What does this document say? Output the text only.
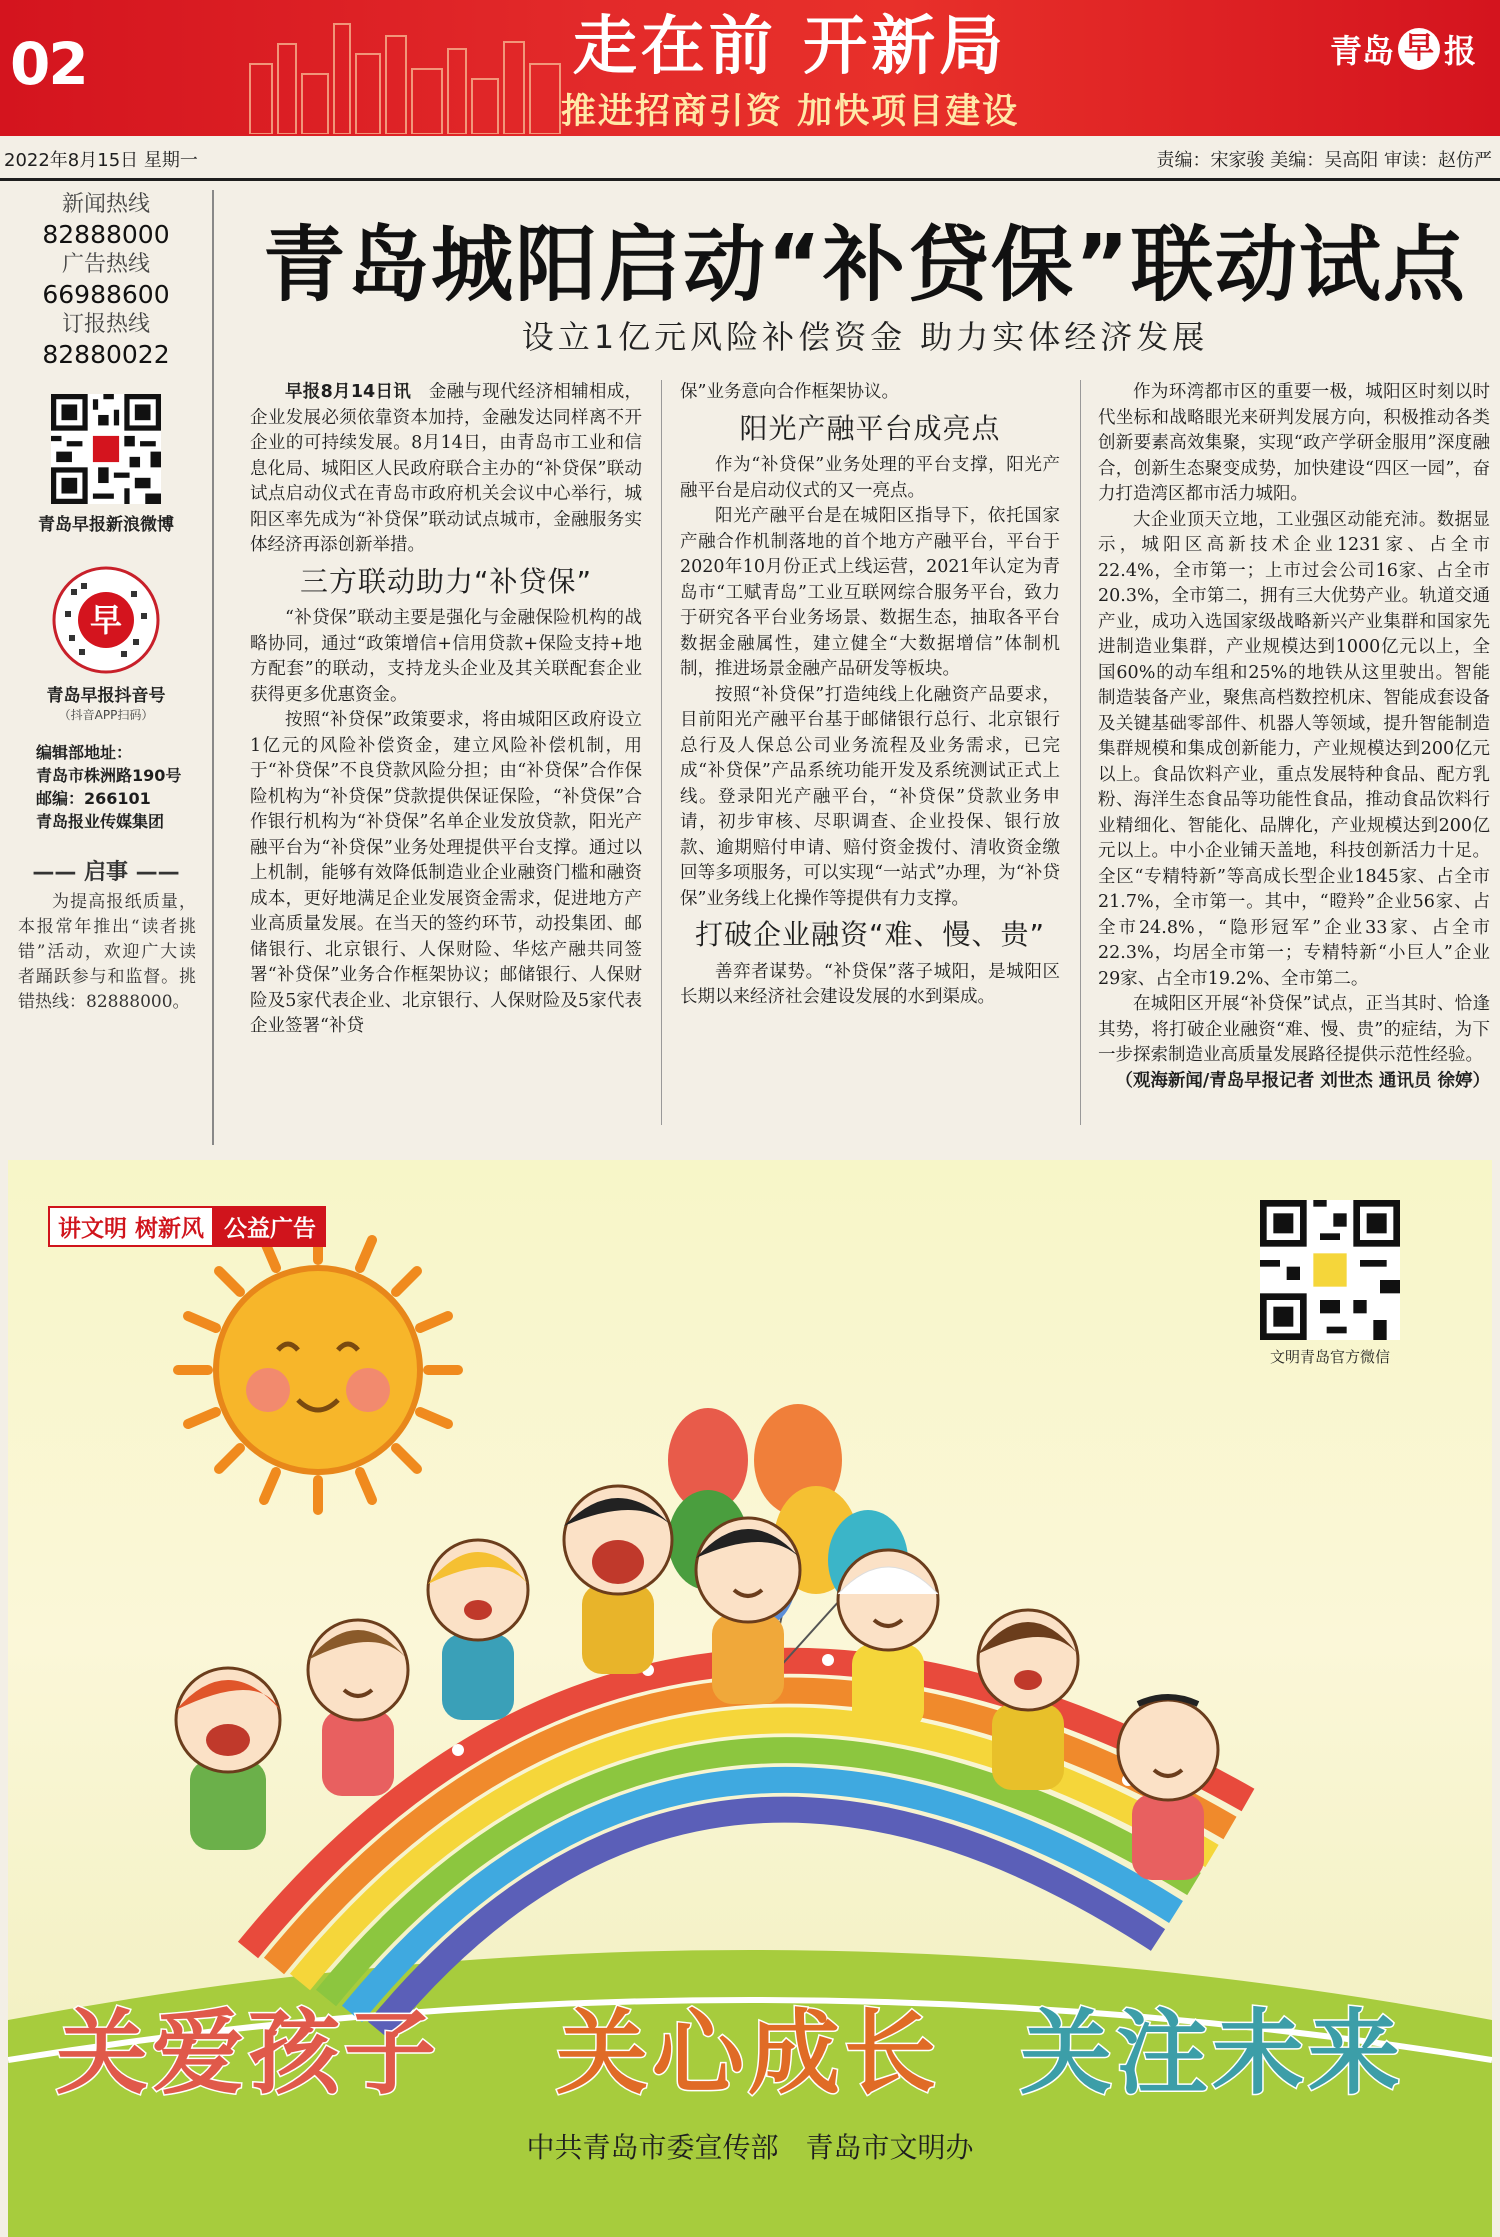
02	走在前 开新局
推进招商引资 加快项目建设
青岛 早 报
2022年8月15日 星期一	责编：宋家骏 美编：吴高阳 审读：赵仿严
新闻热线
82888000
广告热线
66988600
订报热线
82880022
青岛早报新浪微博
早
青岛早报抖音号
（抖音APP扫码）
编辑部地址：
青岛市株洲路190号
邮编：266101
青岛报业传媒集团
—— 启事 ——
为提高报纸质量，本报常年推出“读者挑错”活动，欢迎广大读者踊跃参与和监督。挑错热线：82888000。
青岛城阳启动“补贷保”联动试点
设立1亿元风险补偿资金 助力实体经济发展

早报8月14日讯　 金融与现代经济相辅相成，企业发展必须依靠资本加持，金融发达同样离不开企业的可持续发展。8月14日，由青岛市工业和信息化局、城阳区人民政府联合主办的“补贷保”联动试点启动仪式在青岛市政府机关会议中心举行，城阳区率先成为“补贷保”联动试点城市，金融服务实体经济再添创新举措。

三方联动助力“补贷保”

“补贷保”联动主要是强化与金融保险机构的战略协同，通过“政策增信+信用贷款+保险支持+地方配套”的联动，支持龙头企业及其关联配套企业获得更多优惠资金。

按照“补贷保”政策要求，将由城阳区政府设立1亿元的风险补偿资金，建立风险补偿机制，用于“补贷保”不良贷款风险分担；由“补贷保”合作保险机构为“补贷保”贷款提供保证保险，“补贷保”合作银行机构为“补贷保”名单企业发放贷款，阳光产融平台为“补贷保”业务处理提供平台支撑。通过以上机制，能够有效降低制造业企业融资门槛和融资成本，更好地满足企业发展资金需求，促进地方产业高质量发展。在当天的签约环节，动投集团、邮储银行、北京银行、人保财险、华炫产融共同签署“补贷保”业务合作框架协议；邮储银行、人保财险及5家代表企业、北京银行、人保财险及5家代表企业签署“补贷

保”业务意向合作框架协议。

阳光产融平台成亮点

作为“补贷保”业务处理的平台支撑，阳光产融平台是启动仪式的又一亮点。

阳光产融平台是在城阳区指导下，依托国家产融合作机制落地的首个地方产融平台，平台于2020年10月份正式上线运营，2021年认定为青岛市“工赋青岛”工业互联网综合服务平台，致力于研究各平台业务场景、数据生态，抽取各平台数据金融属性，建立健全“大数据增信”体制机制，推进场景金融产品研发等板块。

按照“补贷保”打造纯线上化融资产品要求，目前阳光产融平台基于邮储银行总行、北京银行总行及人保总公司业务流程及业务需求，已完成“补贷保”产品系统功能开发及系统测试正式上线。登录阳光产融平台，“补贷保”贷款业务申请，初步审核、尽职调查、企业投保、银行放款、逾期赔付申请、赔付资金拨付、清收资金缴回等多项服务，可以实现“一站式”办理，为“补贷保”业务线上化操作等提供有力支撑。

打破企业融资“难、慢、贵”

善弈者谋势。“补贷保”落子城阳，是城阳区长期以来经济社会建设发展的水到渠成。

作为环湾都市区的重要一极，城阳区时刻以时代坐标和战略眼光来研判发展方向，积极推动各类创新要素高效集聚，实现“政产学研金服用”深度融合，创新生态聚变成势，加快建设“四区一园”，奋力打造湾区都市活力城阳。

大企业顶天立地，工业强区动能充沛。数据显示，城阳区高新技术企业1231家、占全市22.4%，全市第一；上市过会公司16家、占全市20.3%，全市第二，拥有三大优势产业。轨道交通产业，成功入选国家级战略新兴产业集群和国家先进制造业集群，产业规模达到1000亿元以上，全国60%的动车组和25%的地铁从这里驶出。智能制造装备产业，聚焦高档数控机床、智能成套设备及关键基础零部件、机器人等领域，提升智能制造集群规模和集成创新能力，产业规模达到200亿元以上。食品饮料产业，重点发展特种食品、配方乳粉、海洋生态食品等功能性食品，推动食品饮料行业精细化、智能化、品牌化，产业规模达到200亿元以上。中小企业铺天盖地，科技创新活力十足。全区“专精特新”等高成长型企业1845家、占全市21.7%，全市第一。其中，“瞪羚”企业56家、占全市24.8%，“隐形冠军”企业33家、占全市22.3%，均居全市第一；专精特新“小巨人”企业29家、占全市19.2%、全市第二。

在城阳区开展“补贷保”试点，正当其时、恰逢其势，将打破企业融资“难、慢、贵”的症结，为下一步探索制造业高质量发展路径提供示范性经验。

（观海新闻/青岛早报记者 刘世杰 通讯员 徐婷）

讲文明 树新风 公益广告
文明青岛官方微信
关爱孩子 关心成长 关注未来
中共青岛市委宣传部 青岛市文明办
